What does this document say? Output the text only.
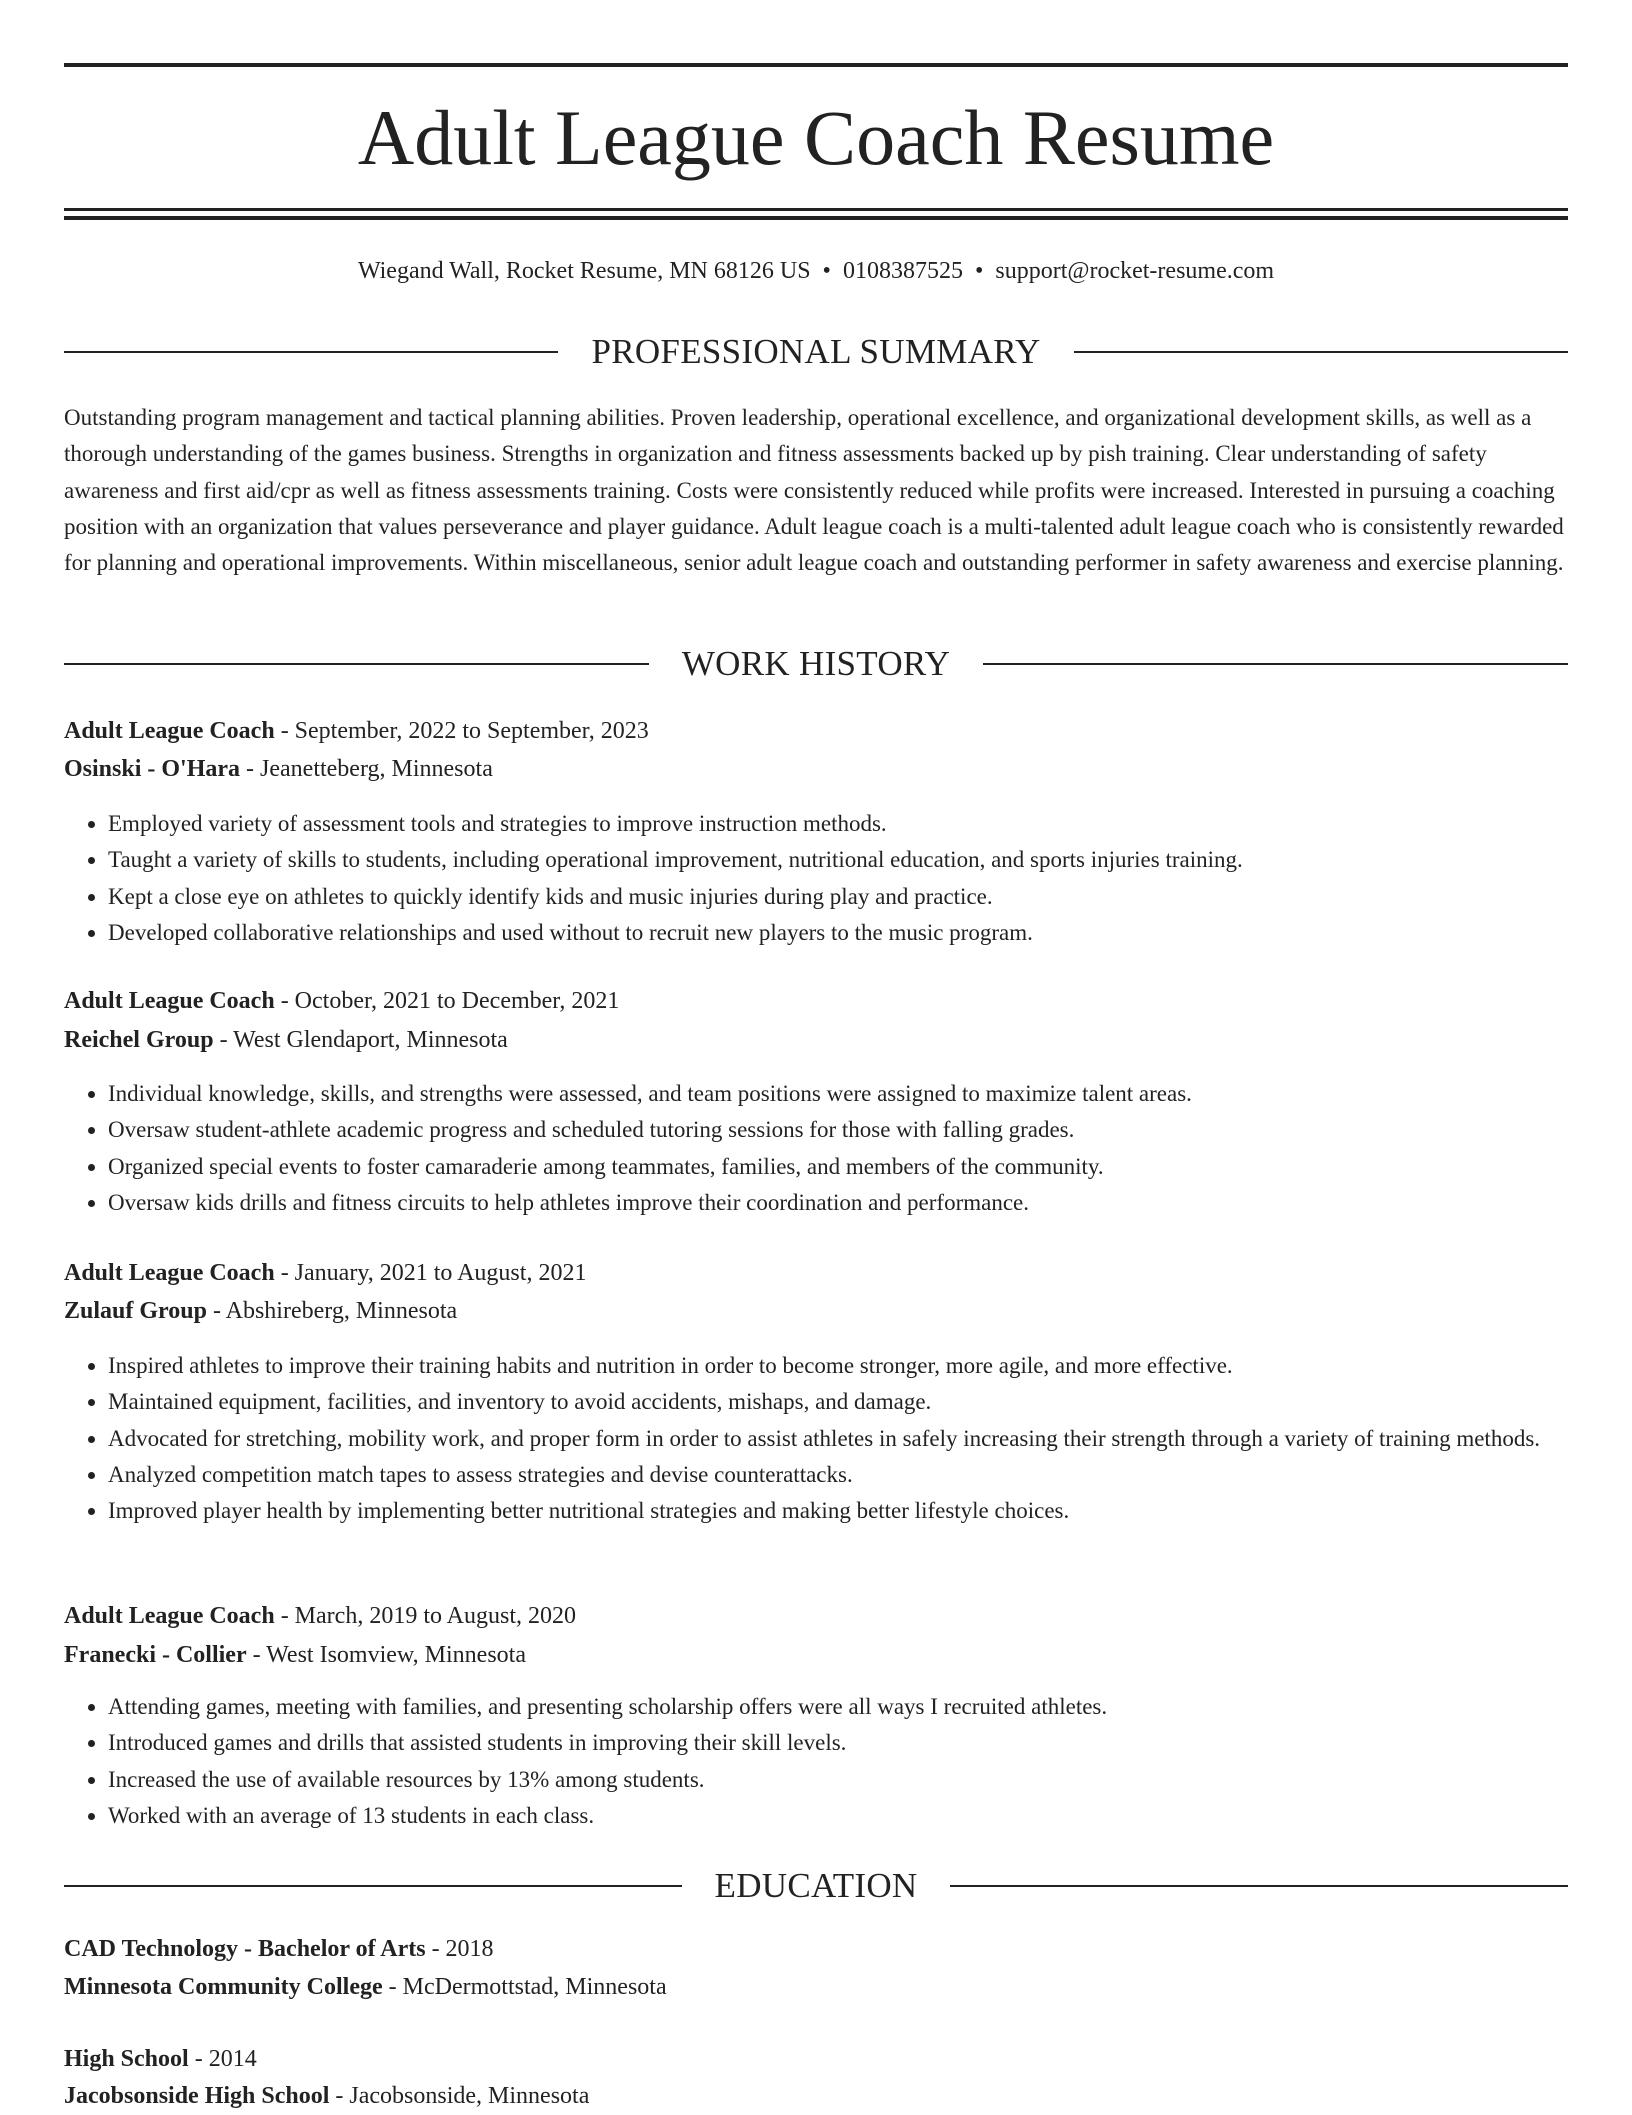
Adult League Coach Resume
Wiegand Wall, Rocket Resume, MN 68126 US • 0108387525 • support@rocket-resume.com
PROFESSIONAL SUMMARY

Outstanding program management and tactical planning abilities. Proven leadership, operational excellence, and organizational development skills, as well as a thorough understanding of the games business. Strengths in organization and fitness assessments backed up by pish training. Clear understanding of safety awareness and first aid/cpr as well as fitness assessments training. Costs were consistently reduced while profits were increased. Interested in pursuing a coaching position with an organization that values perseverance and player guidance. Adult league coach is a multi-talented adult league coach who is consistently rewarded for planning and operational improvements. Within miscellaneous, senior adult league coach and outstanding performer in safety awareness and exercise planning.

WORK HISTORY
Adult League Coach - September, 2022 to September, 2023
Osinski - O'Hara - Jeanetteberg, Minnesota
• Employed variety of assessment tools and strategies to improve instruction methods.
• Taught a variety of skills to students, including operational improvement, nutritional education, and sports injuries training.
• Kept a close eye on athletes to quickly identify kids and music injuries during play and practice.
• Developed collaborative relationships and used without to recruit new players to the music program.
Adult League Coach - October, 2021 to December, 2021
Reichel Group - West Glendaport, Minnesota
• Individual knowledge, skills, and strengths were assessed, and team positions were assigned to maximize talent areas.
• Oversaw student-athlete academic progress and scheduled tutoring sessions for those with falling grades.
• Organized special events to foster camaraderie among teammates, families, and members of the community.
• Oversaw kids drills and fitness circuits to help athletes improve their coordination and performance.
Adult League Coach - January, 2021 to August, 2021
Zulauf Group - Abshireberg, Minnesota
• Inspired athletes to improve their training habits and nutrition in order to become stronger, more agile, and more effective.
• Maintained equipment, facilities, and inventory to avoid accidents, mishaps, and damage.
• Advocated for stretching, mobility work, and proper form in order to assist athletes in safely increasing their strength through a variety of training methods.
• Analyzed competition match tapes to assess strategies and devise counterattacks.
• Improved player health by implementing better nutritional strategies and making better lifestyle choices.
Adult League Coach - March, 2019 to August, 2020
Franecki - Collier - West Isomview, Minnesota
• Attending games, meeting with families, and presenting scholarship offers were all ways I recruited athletes.
• Introduced games and drills that assisted students in improving their skill levels.
• Increased the use of available resources by 13% among students.
• Worked with an average of 13 students in each class.
EDUCATION
CAD Technology - Bachelor of Arts - 2018
Minnesota Community College - McDermottstad, Minnesota
High School - 2014
Jacobsonside High School - Jacobsonside, Minnesota
